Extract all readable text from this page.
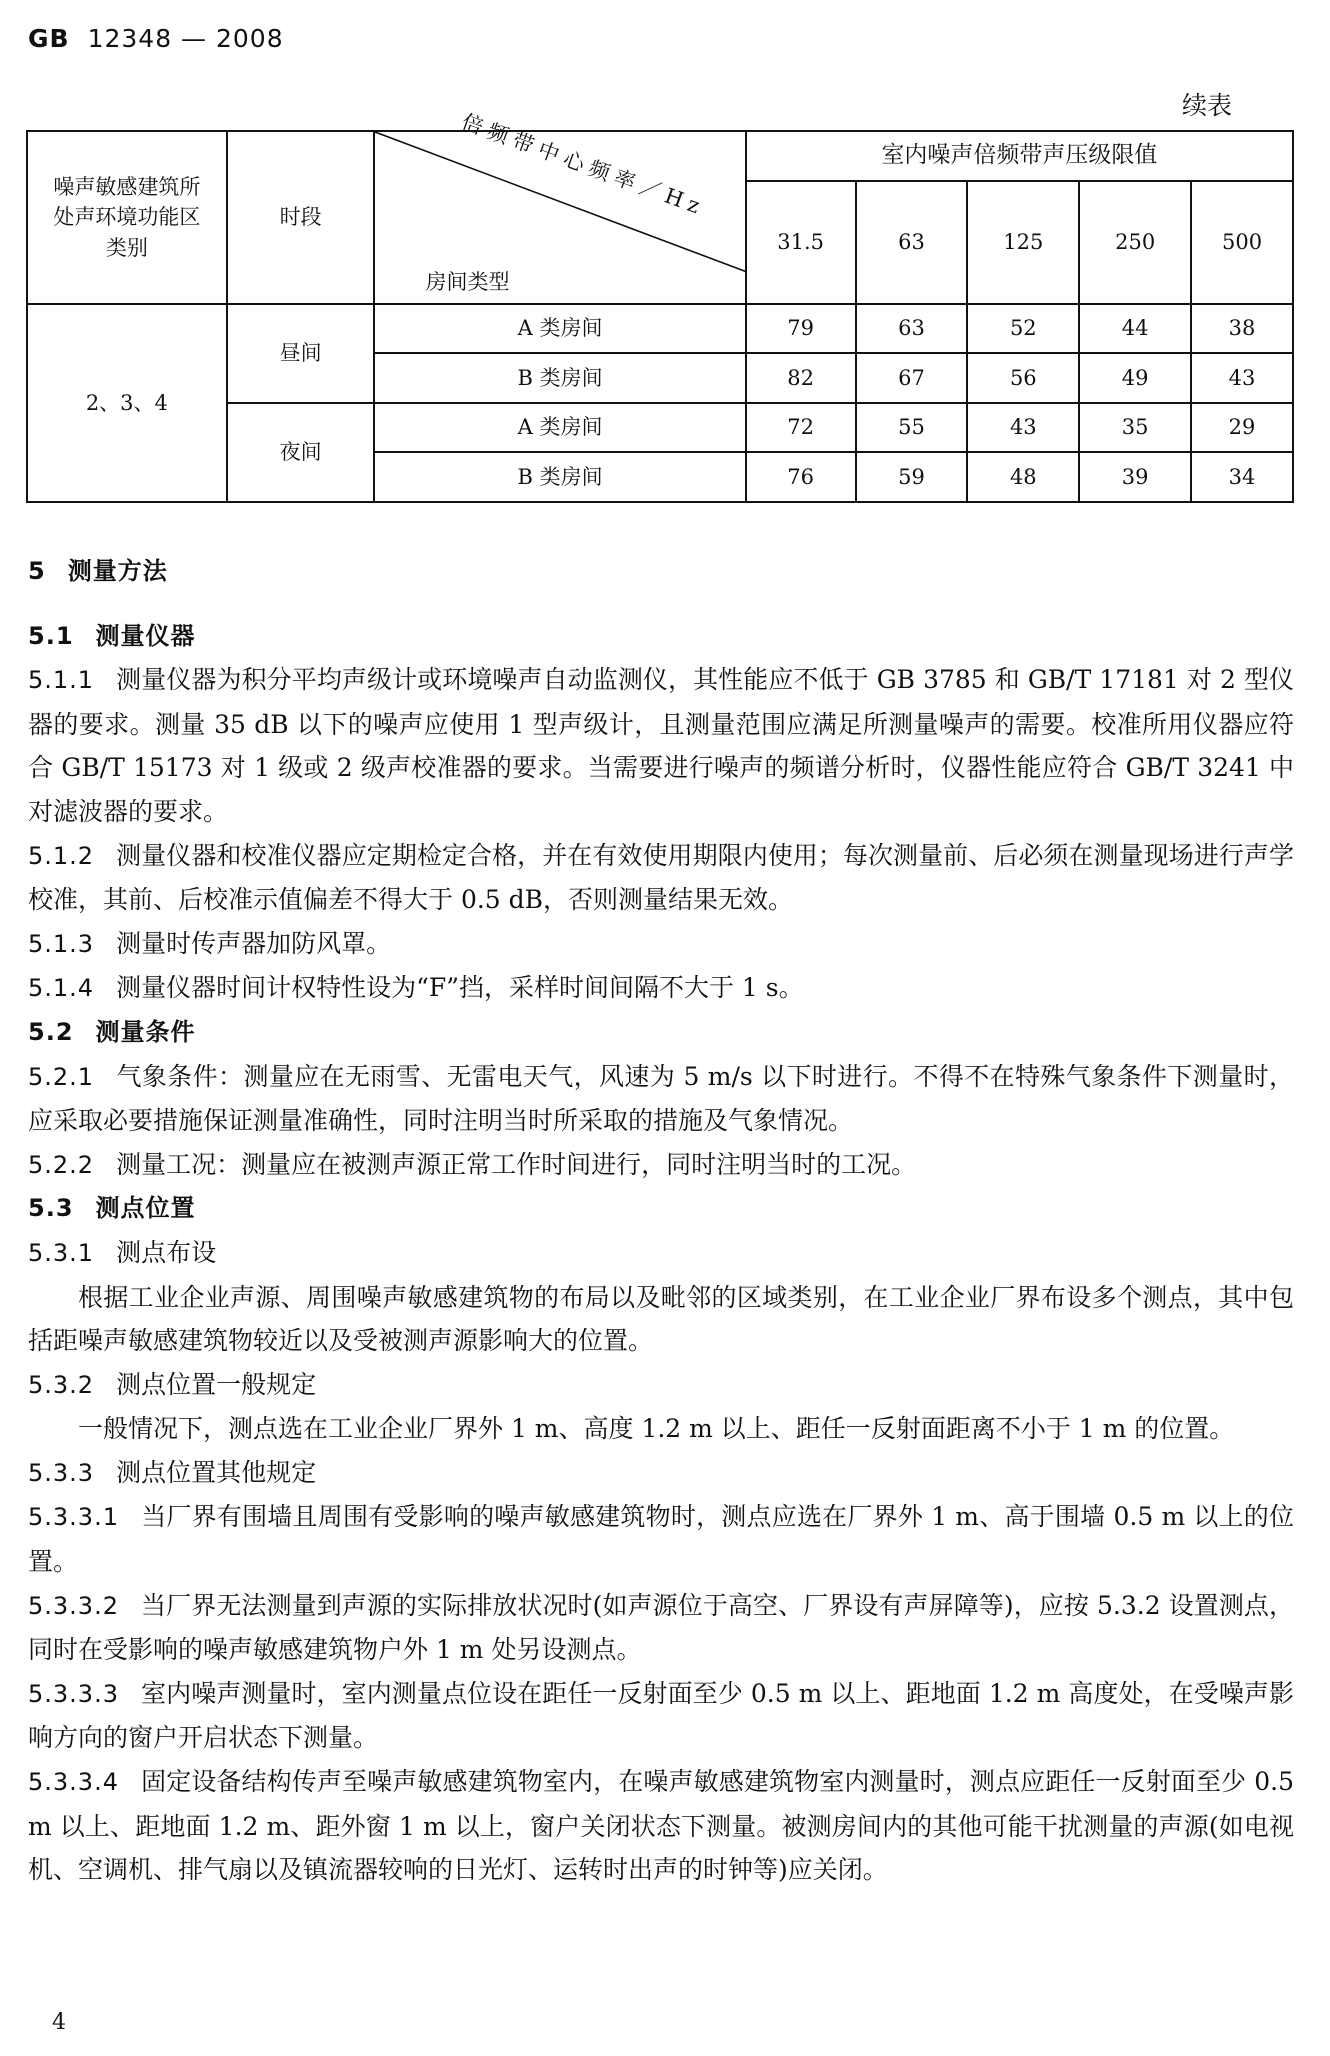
GB 12348 — 2008
续表
噪声敏感建筑所处声环境功能区类别	时段	倍频带中心频率／Hz
房间类型	室内噪声倍频带声压级限值				
			31.5	63	125	250	500
2、3、4	昼间	A 类房间	79	63	52	44	38
		B 类房间	82	67	56	49	43
	夜间	A 类房间	72	55	43	35	29
		B 类房间	76	59	48	39	34

5 测量方法

5.1 测量仪器

5.1.1 测量仪器为积分平均声级计或环境噪声自动监测仪，其性能应不低于 GB 3785 和 GB/T 17181 对 2 型仪器的要求。测量 35 dB 以下的噪声应使用 1 型声级计，且测量范围应满足所测量噪声的需要。校准所用仪器应符合 GB/T 15173 对 1 级或 2 级声校准器的要求。当需要进行噪声的频谱分析时，仪器性能应符合 GB/T 3241 中对滤波器的要求。

5.1.2 测量仪器和校准仪器应定期检定合格，并在有效使用期限内使用；每次测量前、后必须在测量现场进行声学校准，其前、后校准示值偏差不得大于 0.5 dB，否则测量结果无效。

5.1.3 测量时传声器加防风罩。

5.1.4 测量仪器时间计权特性设为“F”挡，采样时间间隔不大于 1 s。

5.2 测量条件

5.2.1 气象条件：测量应在无雨雪、无雷电天气，风速为 5 m/s 以下时进行。不得不在特殊气象条件下测量时，应采取必要措施保证测量准确性，同时注明当时所采取的措施及气象情况。

5.2.2 测量工况：测量应在被测声源正常工作时间进行，同时注明当时的工况。

5.3 测点位置

5.3.1 测点布设

根据工业企业声源、周围噪声敏感建筑物的布局以及毗邻的区域类别，在工业企业厂界布设多个测点，其中包括距噪声敏感建筑物较近以及受被测声源影响大的位置。

5.3.2 测点位置一般规定

一般情况下，测点选在工业企业厂界外 1 m、高度 1.2 m 以上、距任一反射面距离不小于 1 m 的位置。

5.3.3 测点位置其他规定

5.3.3.1 当厂界有围墙且周围有受影响的噪声敏感建筑物时，测点应选在厂界外 1 m、高于围墙 0.5 m 以上的位置。

5.3.3.2 当厂界无法测量到声源的实际排放状况时(如声源位于高空、厂界设有声屏障等)，应按 5.3.2 设置测点，同时在受影响的噪声敏感建筑物户外 1 m 处另设测点。

5.3.3.3 室内噪声测量时，室内测量点位设在距任一反射面至少 0.5 m 以上、距地面 1.2 m 高度处，在受噪声影响方向的窗户开启状态下测量。

5.3.3.4 固定设备结构传声至噪声敏感建筑物室内，在噪声敏感建筑物室内测量时，测点应距任一反射面至少 0.5 m 以上、距地面 1.2 m、距外窗 1 m 以上，窗户关闭状态下测量。被测房间内的其他可能干扰测量的声源(如电视机、空调机、排气扇以及镇流器较响的日光灯、运转时出声的时钟等)应关闭。

4
